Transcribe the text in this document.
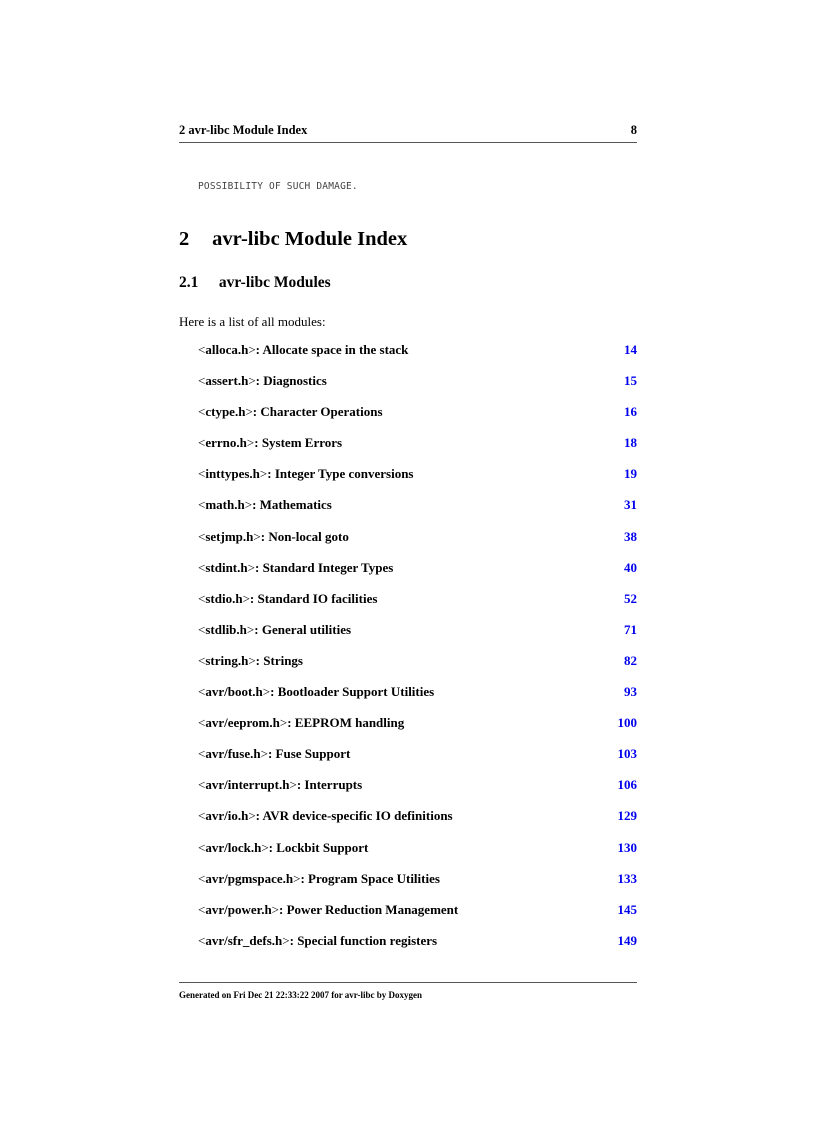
2 avr-libc Module Index	8
POSSIBILITY OF SUCH DAMAGE.
2 avr-libc Module Index
2.1 avr-libc Modules
Here is a list of all modules:
<alloca.h>: Allocate space in the stack	14
<assert.h>: Diagnostics	15
<ctype.h>: Character Operations	16
<errno.h>: System Errors	18
<inttypes.h>: Integer Type conversions	19
<math.h>: Mathematics	31
<setjmp.h>: Non-local goto	38
<stdint.h>: Standard Integer Types	40
<stdio.h>: Standard IO facilities	52
<stdlib.h>: General utilities	71
<string.h>: Strings	82
<avr/boot.h>: Bootloader Support Utilities	93
<avr/eeprom.h>: EEPROM handling	100
<avr/fuse.h>: Fuse Support	103
<avr/interrupt.h>: Interrupts	106
<avr/io.h>: AVR device-specific IO definitions	129
<avr/lock.h>: Lockbit Support	130
<avr/pgmspace.h>: Program Space Utilities	133
<avr/power.h>: Power Reduction Management	145
<avr/sfr_defs.h>: Special function registers	149
Generated on Fri Dec 21 22:33:22 2007 for avr-libc by Doxygen
